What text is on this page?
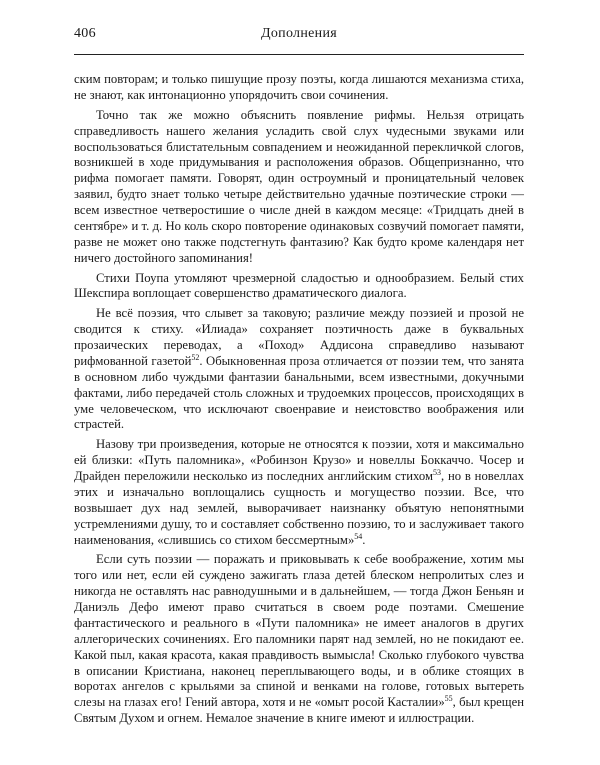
406	Дополнения

ским повторам; и только пишущие прозу поэты, когда лишаются механизма стиха, не знают, как интонационно упорядочить свои сочинения.

Точно так же можно объяснить появление рифмы. Нельзя отрицать справедливость нашего желания усладить свой слух чудесными звуками или воспользоваться блистательным совпадением и неожиданной перекличкой слогов, возникшей в ходе придумывания и расположения образов. Общепризнанно, что рифма помогает памяти. Говорят, один остроумный и проницательный человек заявил, будто знает только четыре действительно удачные поэтические строки — всем известное четверостишие о числе дней в каждом месяце: «Тридцать дней в сентябре» и т. д. Но коль скоро повторение одинаковых созвучий помогает памяти, разве не может оно также подстегнуть фантазию? Как будто кроме календаря нет ничего достойного запоминания!

Стихи Поупа утомляют чрезмерной сладостью и однообразием. Белый стих Шекспира воплощает совершенство драматического диалога.

Не всё поэзия, что слывет за таковую; различие между поэзией и прозой не сводится к стиху. «Илиада» сохраняет поэтичность даже в буквальных прозаических переводах, а «Поход» Аддисона справедливо называют рифмованной газетой$^{52}$. Обыкновенная проза отличается от поэзии тем, что занята в основном либо чуждыми фантазии банальными, всем известными, докучными фактами, либо передачей столь сложных и трудоемких процессов, происходящих в уме человеческом, что исключают своенравие и неистовство воображения или страстей.

Назову три произведения, которые не относятся к поэзии, хотя и максимально ей близки: «Путь паломника», «Робинзон Крузо» и новеллы Боккаччо. Чосер и Драйден переложили несколько из последних английским стихом$^{53}$, но в новеллах этих и изначально воплощались сущность и могущество поэзии. Все, что возвышает дух над землей, выворачивает наизнанку объятую непонятными устремлениями душу, то и составляет собственно поэзию, то и заслуживает такого наименования, «слившись со стихом бессмертным»$^{54}$.

Если суть поэзии — поражать и приковывать к себе воображение, хотим мы того или нет, если ей суждено зажигать глаза детей блеском непролитых слез и никогда не оставлять нас равнодушными и в дальнейшем, — тогда Джон Беньян и Даниэль Дефо имеют право считаться в своем роде поэтами. Смешение фантастического и реального в «Пути паломника» не имеет аналогов в других аллегорических сочинениях. Его паломники парят над землей, но не покидают ее. Какой пыл, какая красота, какая правдивость вымысла! Сколько глубокого чувства в описании Кристиана, наконец переплывающего воды, и в облике стоящих в воротах ангелов с крыльями за спиной и венками на голове, готовых вытереть слезы на глазах его! Гений автора, хотя и не «омыт росой Касталии»$^{55}$, был крещен Святым Духом и огнем. Немалое значение в книге имеют и иллюстрации.
